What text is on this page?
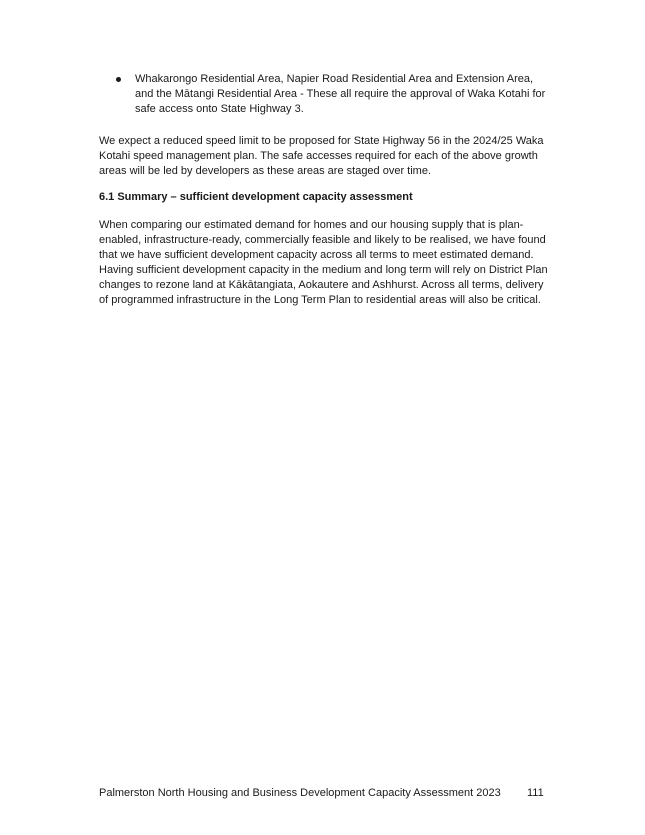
Whakarongo Residential Area, Napier Road Residential Area and Extension Area, and the Mātangi Residential Area - These all require the approval of Waka Kotahi for safe access onto State Highway 3.

We expect a reduced speed limit to be proposed for State Highway 56 in the 2024/25 Waka Kotahi speed management plan. The safe accesses required for each of the above growth areas will be led by developers as these areas are staged over time.

6.1 Summary – sufficient development capacity assessment

When comparing our estimated demand for homes and our housing supply that is plan-enabled, infrastructure-ready, commercially feasible and likely to be realised, we have found that we have sufficient development capacity across all terms to meet estimated demand. Having sufficient development capacity in the medium and long term will rely on District Plan changes to rezone land at Kākātangiata, Aokautere and Ashhurst. Across all terms, delivery of programmed infrastructure in the Long Term Plan to residential areas will also be critical.

Palmerston North Housing and Business Development Capacity Assessment 2023 111
